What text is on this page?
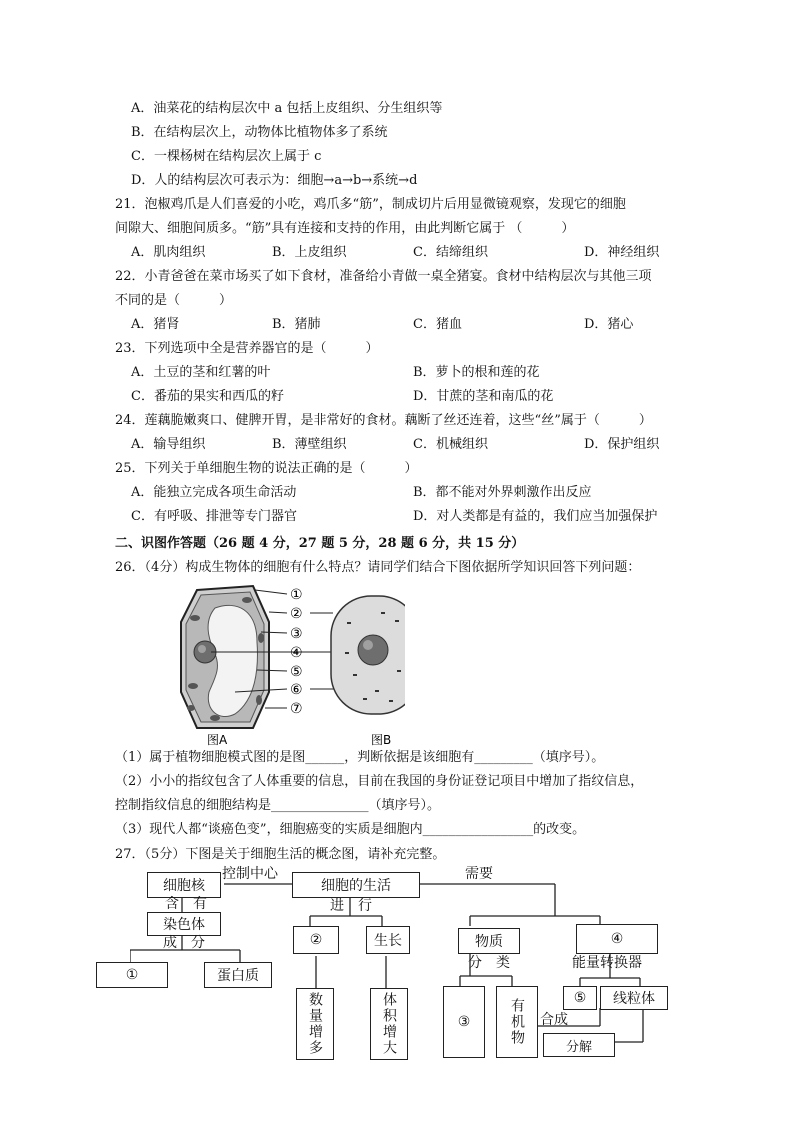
A．油菜花的结构层次中 a 包括上皮组织、分生组织等
B．在结构层次上，动物体比植物体多了系统
C．一棵杨树在结构层次上属于 c
D．人的结构层次可表示为：细胞→a→b→系统→d
21．泡椒鸡爪是人们喜爱的小吃，鸡爪多“筋”，制成切片后用显微镜观察，发现它的细胞
间隙大、细胞间质多。“筋”具有连接和支持的作用，由此判断它属于 （　　　）
A．肌肉组织	B．上皮组织	C．结缔组织	D．神经组织
22．小青爸爸在菜市场买了如下食材，准备给小青做一桌全猪宴。食材中结构层次与其他三项
不同的是（　　　）
A．猪肾	B．猪肺	C．猪血	D．猪心
23．下列选项中全是营养器官的是（　　　）
A．土豆的茎和红薯的叶	B．萝卜的根和莲的花
C．番茄的果实和西瓜的籽	D．甘蔗的茎和南瓜的花
24．莲藕脆嫩爽口、健脾开胃，是非常好的食材。藕断了丝还连着，这些“丝”属于（　　　）
A．输导组织	B．薄壁组织	C．机械组织	D．保护组织
25．下列关于单细胞生物的说法正确的是（　　　）
A．能独立完成各项生命活动	B．都不能对外界刺激作出反应
C．有呼吸、排泄等专门器官	D．对人类都是有益的，我们应当加强保护
二、识图作答题（26 题 4 分，27 题 5 分，28 题 6 分，共 15 分）
26．（4分）构成生物体的细胞有什么特点？请同学们结合下图依据所学知识回答下列问题：
①
②
③
④
⑤
⑥
⑦
图A	图B
（1）属于植物细胞模式图的是图______，判断依据是该细胞有_________（填序号）。
（2）小小的指纹包含了人体重要的信息，目前在我国的身份证登记项目中增加了指纹信息，
控制指纹信息的细胞结构是_______________（填序号）。
（3）现代人都“谈癌色变”，细胞癌变的实质是细胞内_________________的改变。
27．（5分）下图是关于细胞生活的概念图，请补充完整。
细胞核
控制中心
细胞的生活
需要
含　有
染色体
成　分
①	蛋白质
进　行
②	生长
数量增多	体积增大
物质
分　类
③	有机物
④
能量转换器
⑤	线粒体
合成
分解
